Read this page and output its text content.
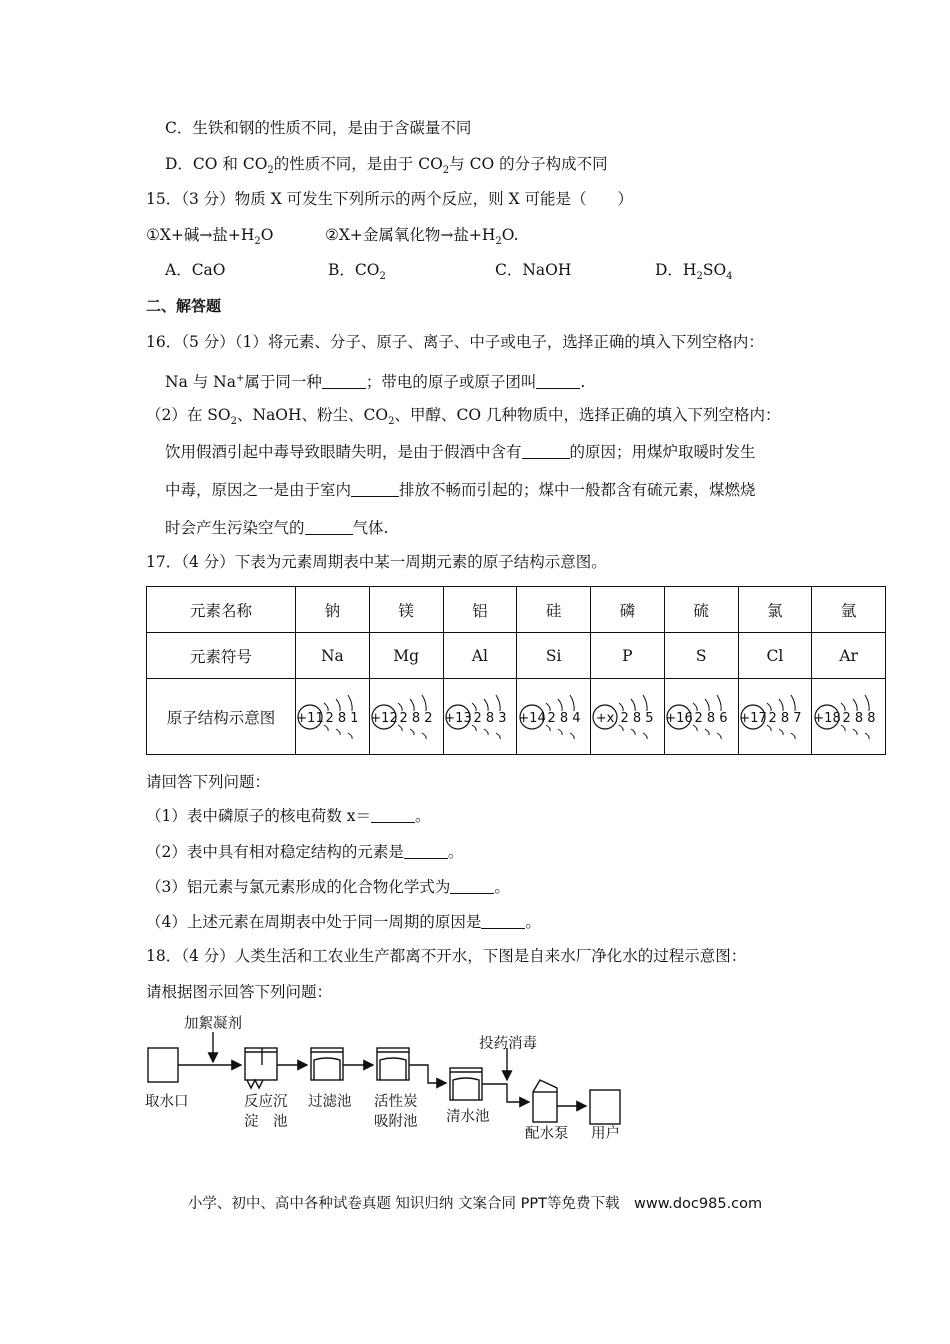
C．生铁和钢的性质不同，是由于含碳量不同
D．CO 和 $CO_2$的性质不同，是由于 $CO_2$与 CO 的分子构成不同
15．（3 分）物质 X 可发生下列所示的两个反应，则 X 可能是（　　）
①X+碱→盐$+H_2O$	②X+金属氧化物→盐$+H_2O$.
A．CaO	B．$CO_2$	C．NaOH	D．$H_2SO_4$
二、解答题
16．（5 分）（1）将元素、分子、原子、离子、中子或电子，选择正确的填入下列空格内：
Na 与 Na+属于同一种	；带电的原子或原子团叫	.
（2）在 $SO_2$、NaOH、粉尘、$CO_2$、甲醇、CO 几种物质中，选择正确的填入下列空格内：
饮用假酒引起中毒导致眼睛失明，是由于假酒中含有	的原因；用煤炉取暖时发生
中毒，原因之一是由于室内	排放不畅而引起的；煤中一般都含有硫元素，煤燃烧
时会产生污染空气的	气体.
17．（4 分）下表为元素周期表中某一周期元素的原子结构示意图。
元素名称	钠	镁	铝	硅	磷	硫	氯	氩
元素符号	Na	Mg	Al	Si	P	S	Cl	Ar
原子结构示意图	+11 2 8 1	+12 2 8 2	+13 2 8 3	+14 2 8 4	+x 2 8 5	+16 2 8 6	+17 2 8 7	+18 2 8 8
请回答下列问题：
（1）表中磷原子的核电荷数 x＝	。
（2）表中具有相对稳定结构的元素是	。
（3）铝元素与氯元素形成的化合物化学式为	。
（4）上述元素在周期表中处于同一周期的原因是	。
18．（4 分）人类生活和工农业生产都离不开水，下图是自来水厂净化水的过程示意图：
请根据图示回答下列问题：
加絮凝剂
投药消毒
取水口	反应沉
淀　池
过滤池 活性炭
吸附池 清水池
配水泵 用户
小学、初中、高中各种试卷真题 知识归纳 文案合同 PPT等免费下载　www.doc985.com
